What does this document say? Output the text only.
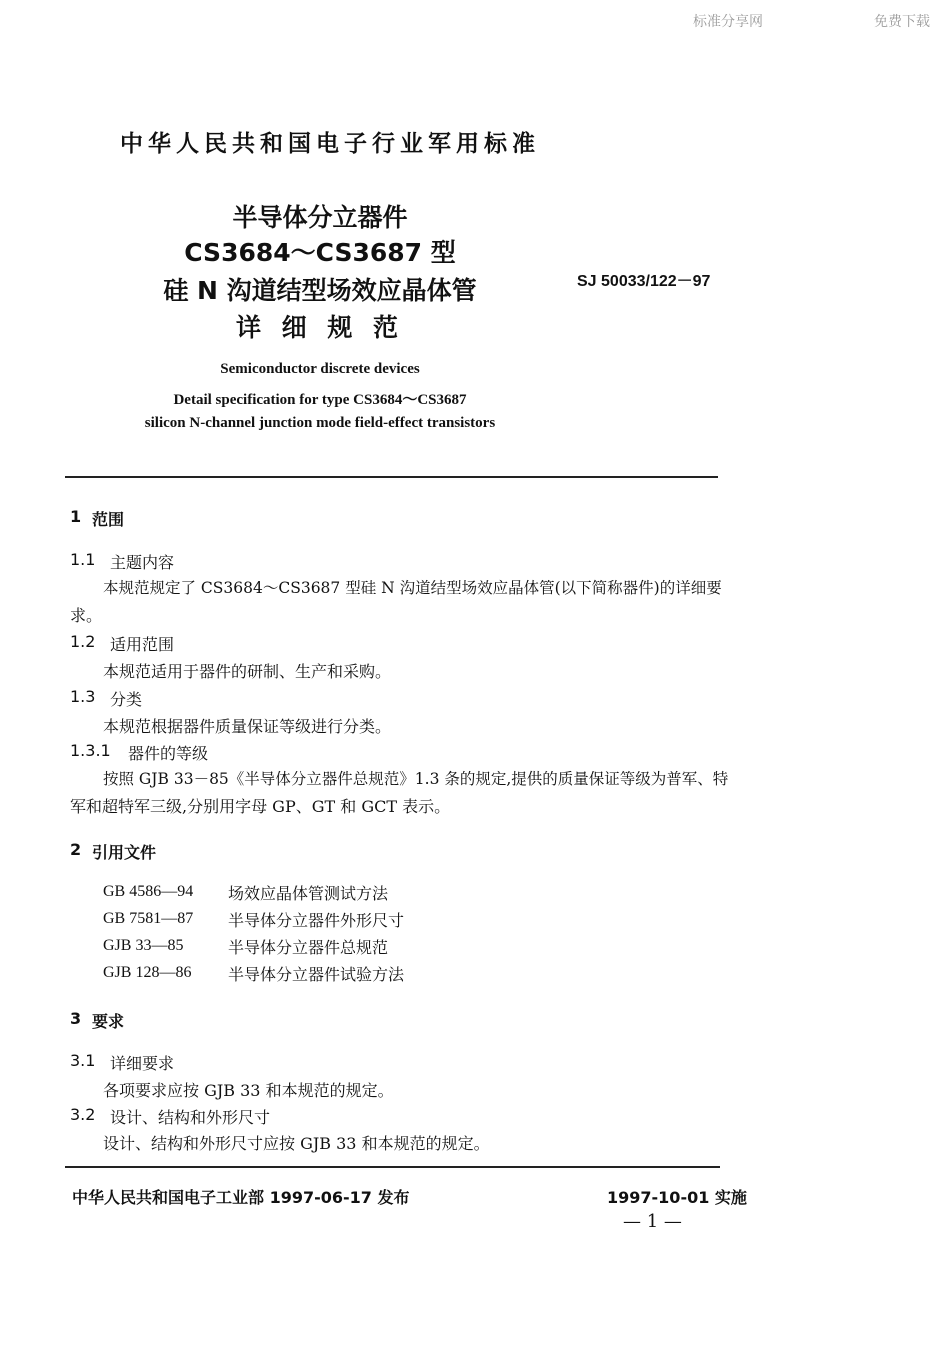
标准分享网	免费下载
中华人民共和国电子行业军用标准
半导体分立器件
CS3684～CS3687 型
硅 N 沟道结型场效应晶体管
详 细 规 范
SJ 50033/122－97
Semiconductor discrete devices
Detail specification for type CS3684～CS3687
silicon N-channel junction mode field-effect transistors
1 范围
1.1 主题内容
本规范规定了 CS3684～CS3687 型硅 N 沟道结型场效应晶体管(以下简称器件)的详细要
求。
1.2 适用范围
本规范适用于器件的研制、生产和采购。
1.3 分类
本规范根据器件质量保证等级进行分类。
1.3.1 器件的等级
按照 GJB 33－85《半导体分立器件总规范》1.3 条的规定,提供的质量保证等级为普军、特
军和超特军三级,分别用字母 GP、GT 和 GCT 表示。
2 引用文件
GB 4586—94 场效应晶体管测试方法
GB 7581—87 半导体分立器件外形尺寸
GJB 33—85	半导体分立器件总规范
GJB 128—86 半导体分立器件试验方法
3 要求
3.1 详细要求
各项要求应按 GJB 33 和本规范的规定。
3.2 设计、结构和外形尺寸
设计、结构和外形尺寸应按 GJB 33 和本规范的规定。
中华人民共和国电子工业部 1997-06-17 发布	1997-10-01 实施
— 1 —
